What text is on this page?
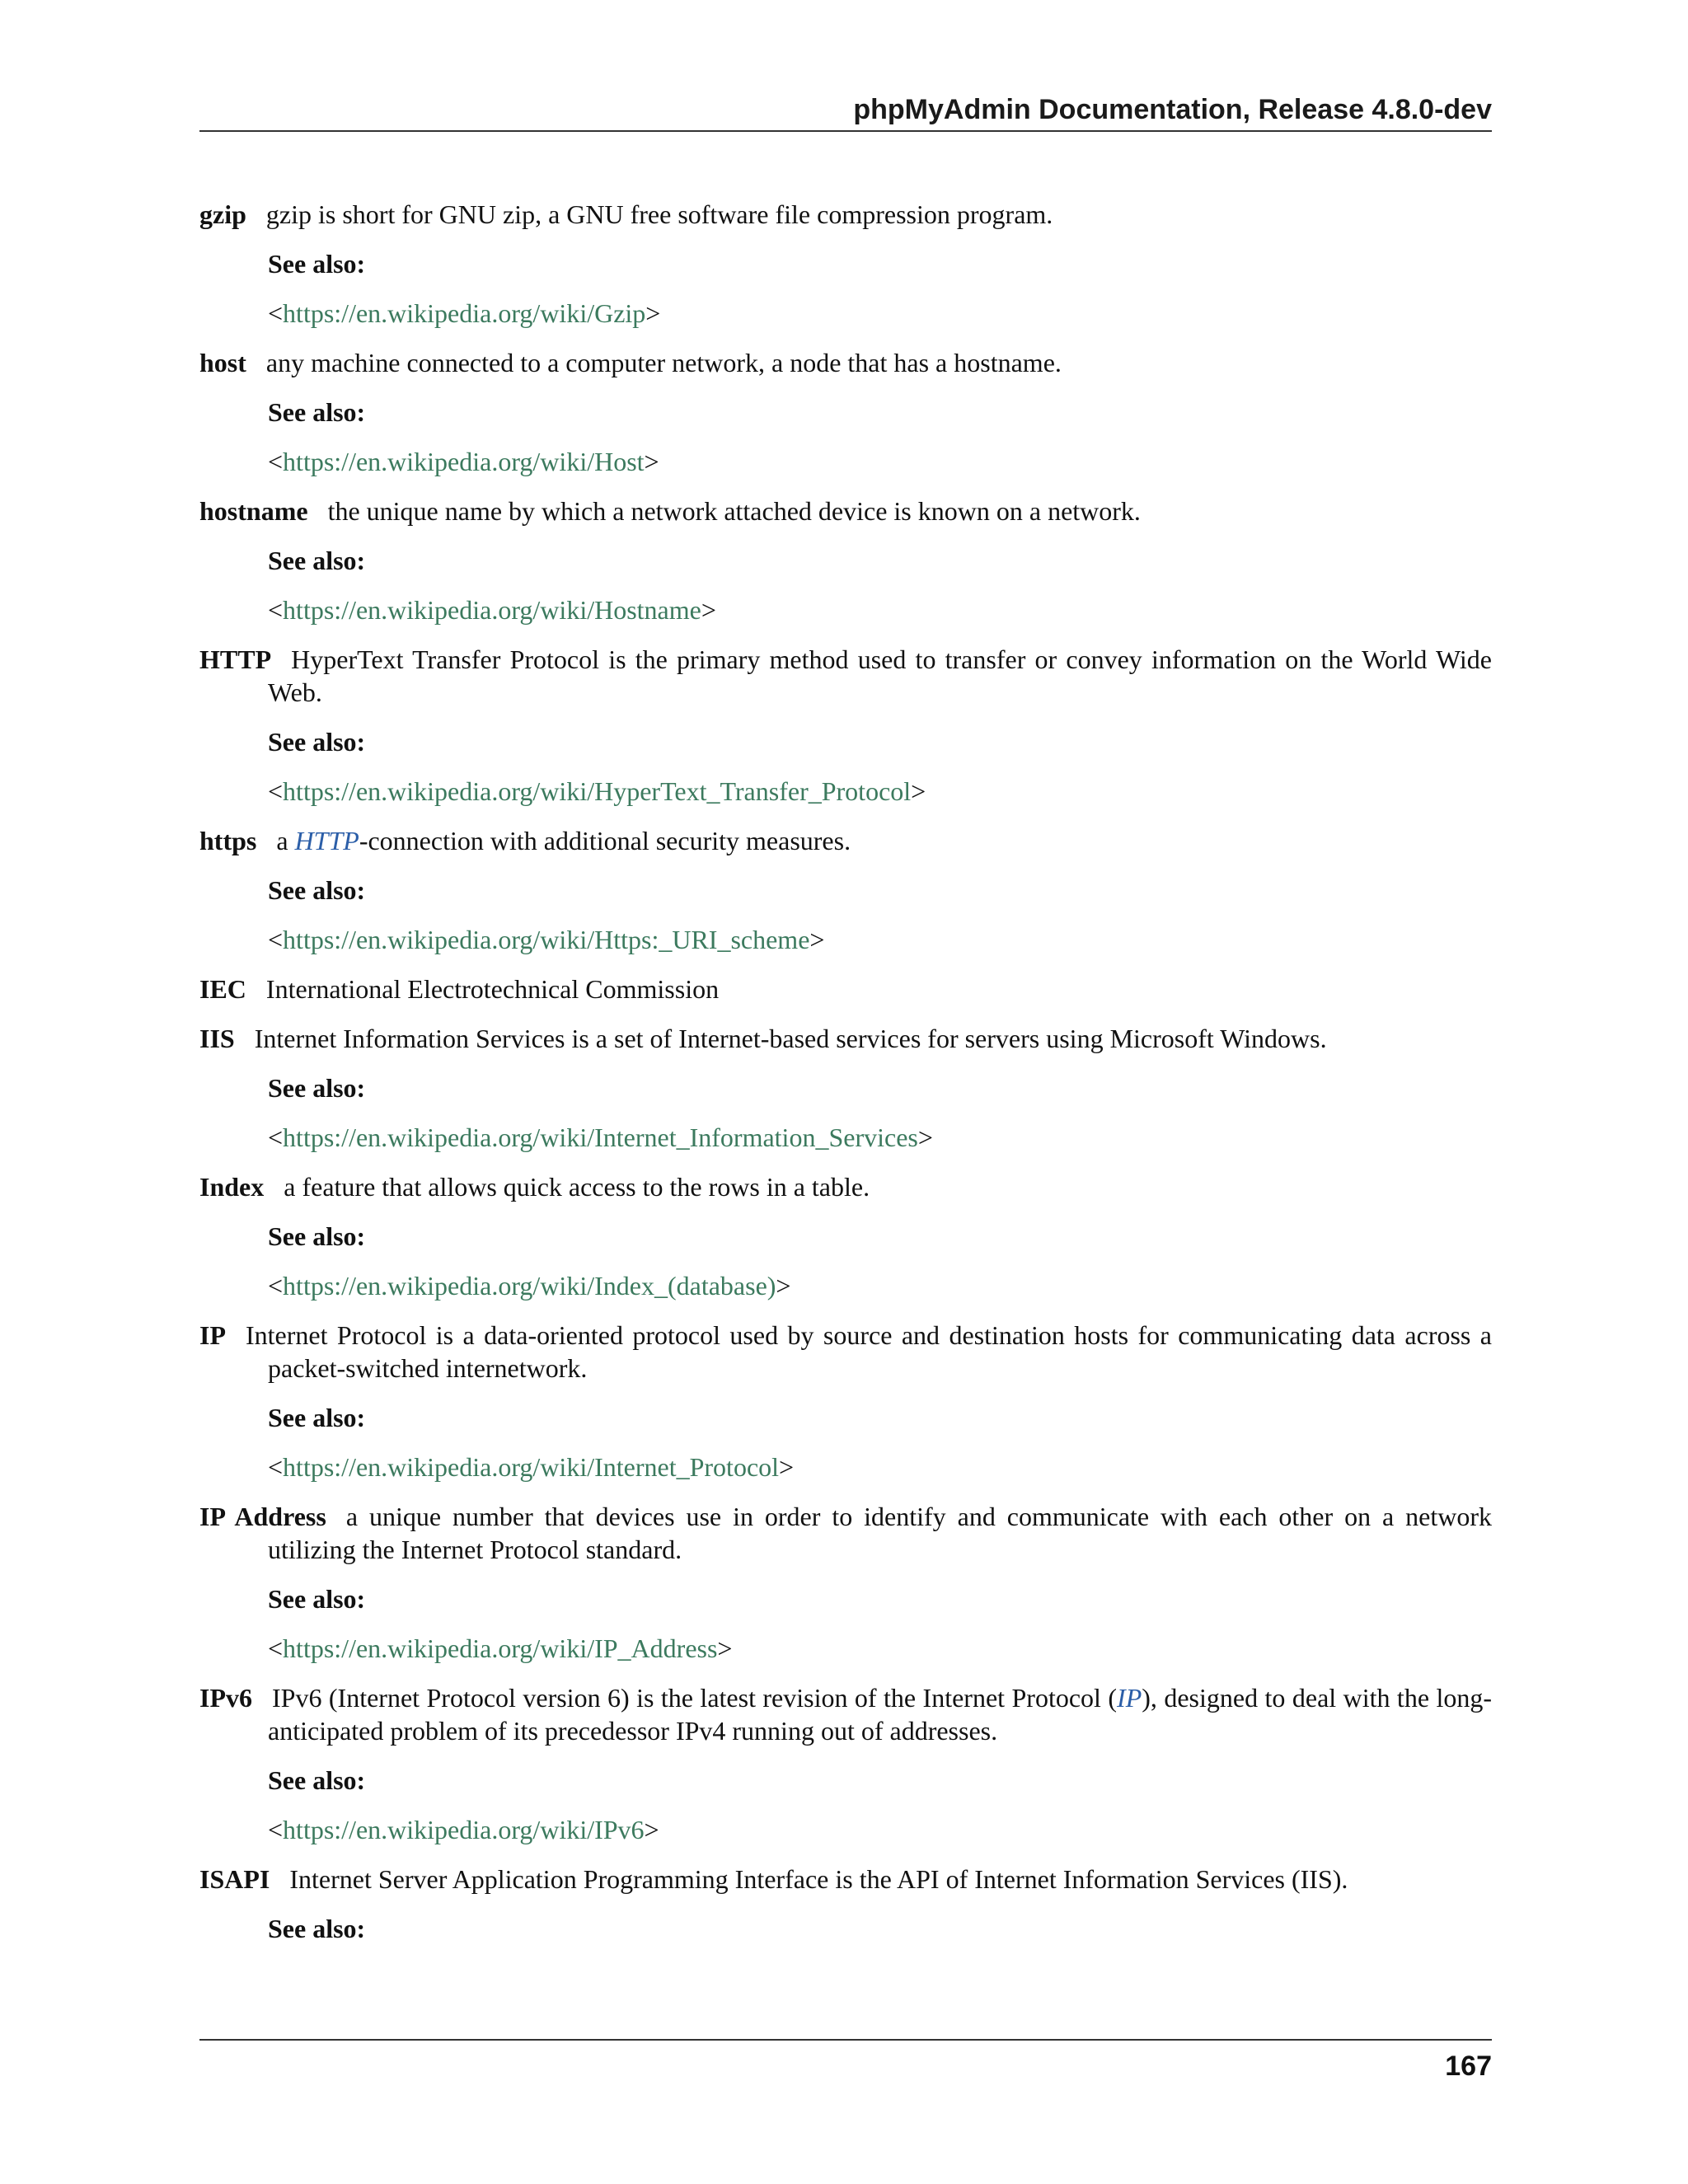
phpMyAdmin Documentation, Release 4.8.0-dev
gzip gzip is short for GNU zip, a GNU free software file compression program.
See also:
<https://en.wikipedia.org/wiki/Gzip>
host any machine connected to a computer network, a node that has a hostname.
See also:
<https://en.wikipedia.org/wiki/Host>
hostname the unique name by which a network attached device is known on a network.
See also:
<https://en.wikipedia.org/wiki/Hostname>
HTTP HyperText Transfer Protocol is the primary method used to transfer or convey information on the World Wide Web.
See also:
<https://en.wikipedia.org/wiki/HyperText_Transfer_Protocol>
https a HTTP-connection with additional security measures.
See also:
<https://en.wikipedia.org/wiki/Https:_URI_scheme>
IEC International Electrotechnical Commission
IIS Internet Information Services is a set of Internet-based services for servers using Microsoft Windows.
See also:
<https://en.wikipedia.org/wiki/Internet_Information_Services>
Index a feature that allows quick access to the rows in a table.
See also:
<https://en.wikipedia.org/wiki/Index_(database)>
IP Internet Protocol is a data-oriented protocol used by source and destination hosts for communicating data across a packet-switched internetwork.
See also:
<https://en.wikipedia.org/wiki/Internet_Protocol>
IP Address a unique number that devices use in order to identify and communicate with each other on a network utilizing the Internet Protocol standard.
See also:
<https://en.wikipedia.org/wiki/IP_Address>
IPv6 IPv6 (Internet Protocol version 6) is the latest revision of the Internet Protocol (IP), designed to deal with the long-anticipated problem of its precedessor IPv4 running out of addresses.
See also:
<https://en.wikipedia.org/wiki/IPv6>
ISAPI Internet Server Application Programming Interface is the API of Internet Information Services (IIS).
See also:
167
